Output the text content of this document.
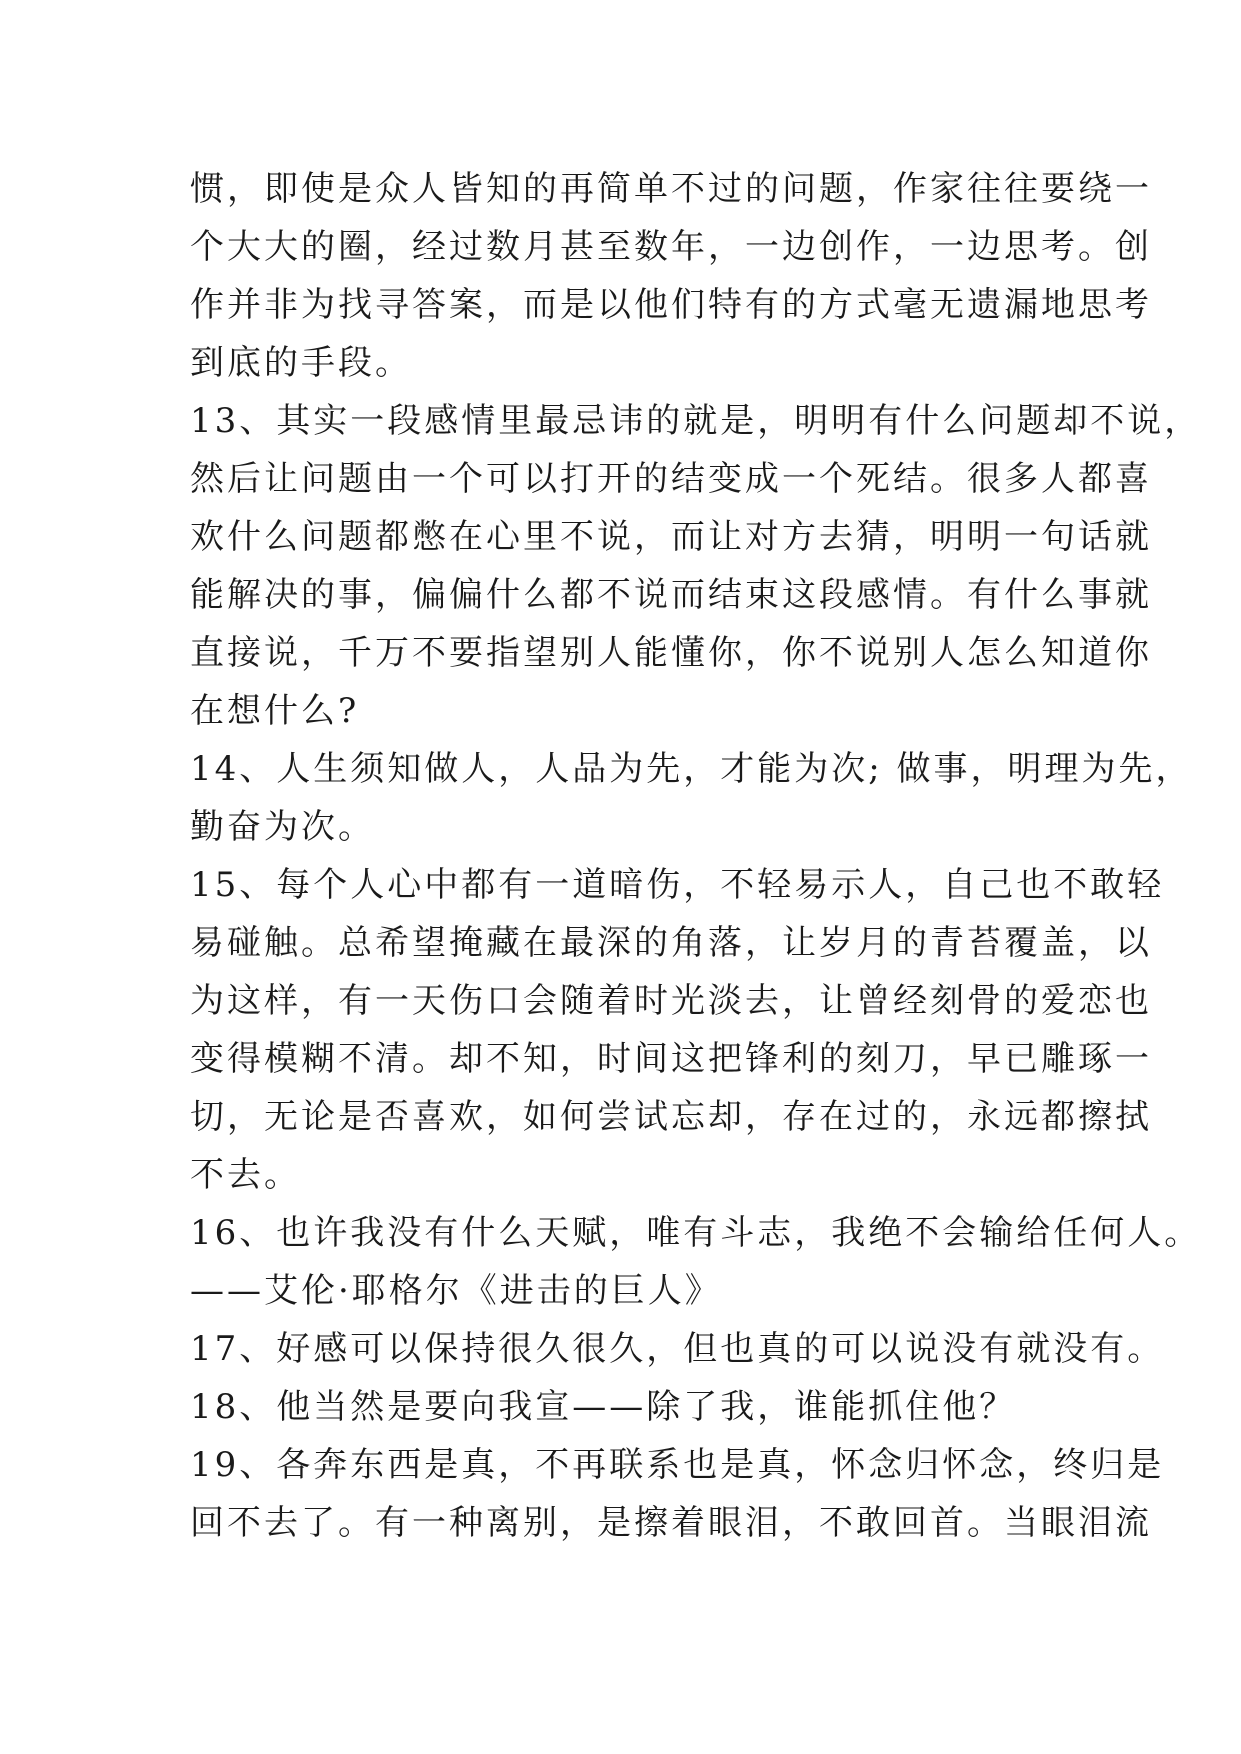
惯，即使是众人皆知的再简单不过的问题，作家往往要绕一
个大大的圈，经过数月甚至数年，一边创作，一边思考。创
作并非为找寻答案，而是以他们特有的方式毫无遗漏地思考
到底的手段。
13、其实一段感情里最忌讳的就是，明明有什么问题却不说，
然后让问题由一个可以打开的结变成一个死结。很多人都喜
欢什么问题都憋在心里不说，而让对方去猜，明明一句话就
能解决的事，偏偏什么都不说而结束这段感情。有什么事就
直接说，千万不要指望别人能懂你，你不说别人怎么知道你
在想什么?
14、人生须知做人，人品为先，才能为次; 做事，明理为先，
勤奋为次。
15、每个人心中都有一道暗伤，不轻易示人，自己也不敢轻
易碰触。总希望掩藏在最深的角落，让岁月的青苔覆盖，以
为这样，有一天伤口会随着时光淡去，让曾经刻骨的爱恋也
变得模糊不清。却不知，时间这把锋利的刻刀，早已雕琢一
切，无论是否喜欢，如何尝试忘却，存在过的，永远都擦拭
不去。
16、也许我没有什么天赋，唯有斗志，我绝不会输给任何人。
——艾伦·耶格尔《进击的巨人》
17、好感可以保持很久很久，但也真的可以说没有就没有。
18、他当然是要向我宣——除了我，谁能抓住他？
19、各奔东西是真，不再联系也是真，怀念归怀念，终归是
回不去了。有一种离别，是擦着眼泪，不敢回首。当眼泪流
